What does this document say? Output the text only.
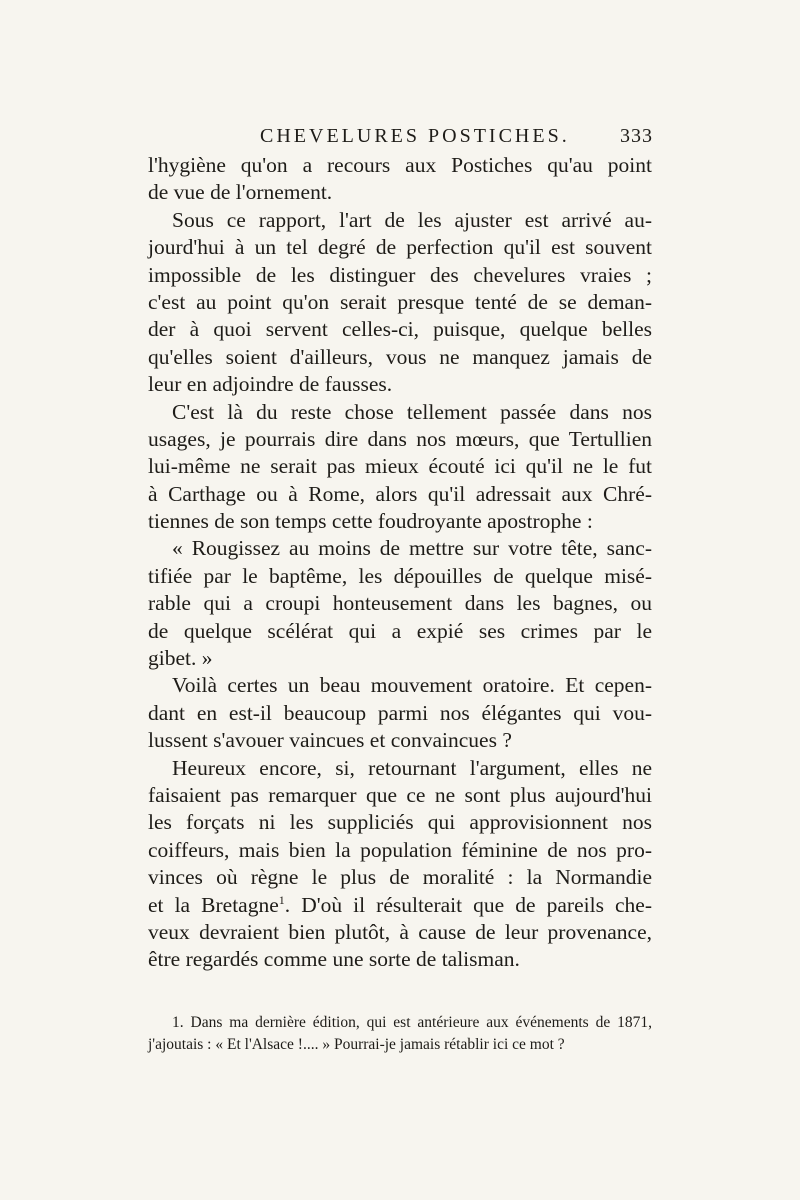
CHEVELURES POSTICHES.	333
l'hygiène qu'on a recours aux Postiches qu'au point
de vue de l'ornement.
Sous ce rapport, l'art de les ajuster est arrivé au-
jourd'hui à un tel degré de perfection qu'il est souvent
impossible de les distinguer des chevelures vraies ;
c'est au point qu'on serait presque tenté de se deman-
der à quoi servent celles-ci, puisque, quelque belles
qu'elles soient d'ailleurs, vous ne manquez jamais de
leur en adjoindre de fausses.
C'est là du reste chose tellement passée dans nos
usages, je pourrais dire dans nos mœurs, que Tertullien
lui-même ne serait pas mieux écouté ici qu'il ne le fut
à Carthage ou à Rome, alors qu'il adressait aux Chré-
tiennes de son temps cette foudroyante apostrophe :
« Rougissez au moins de mettre sur votre tête, sanc-
tifiée par le baptême, les dépouilles de quelque misé-
rable qui a croupi honteusement dans les bagnes, ou
de quelque scélérat qui a expié ses crimes par le
gibet. »
Voilà certes un beau mouvement oratoire. Et cepen-
dant en est-il beaucoup parmi nos élégantes qui vou-
lussent s'avouer vaincues et convaincues ?
Heureux encore, si, retournant l'argument, elles ne
faisaient pas remarquer que ce ne sont plus aujourd'hui
les forçats ni les suppliciés qui approvisionnent nos
coiffeurs, mais bien la population féminine de nos pro-
vinces où règne le plus de moralité : la Normandie
et la Bretagne$^1$. D'où il résulterait que de pareils che-
veux devraient bien plutôt, à cause de leur provenance,
être regardés comme une sorte de talisman.
1. Dans ma dernière édition, qui est antérieure aux événements de 1871,
j'ajoutais : « Et l'Alsace !.... » Pourrai-je jamais rétablir ici ce mot ?
